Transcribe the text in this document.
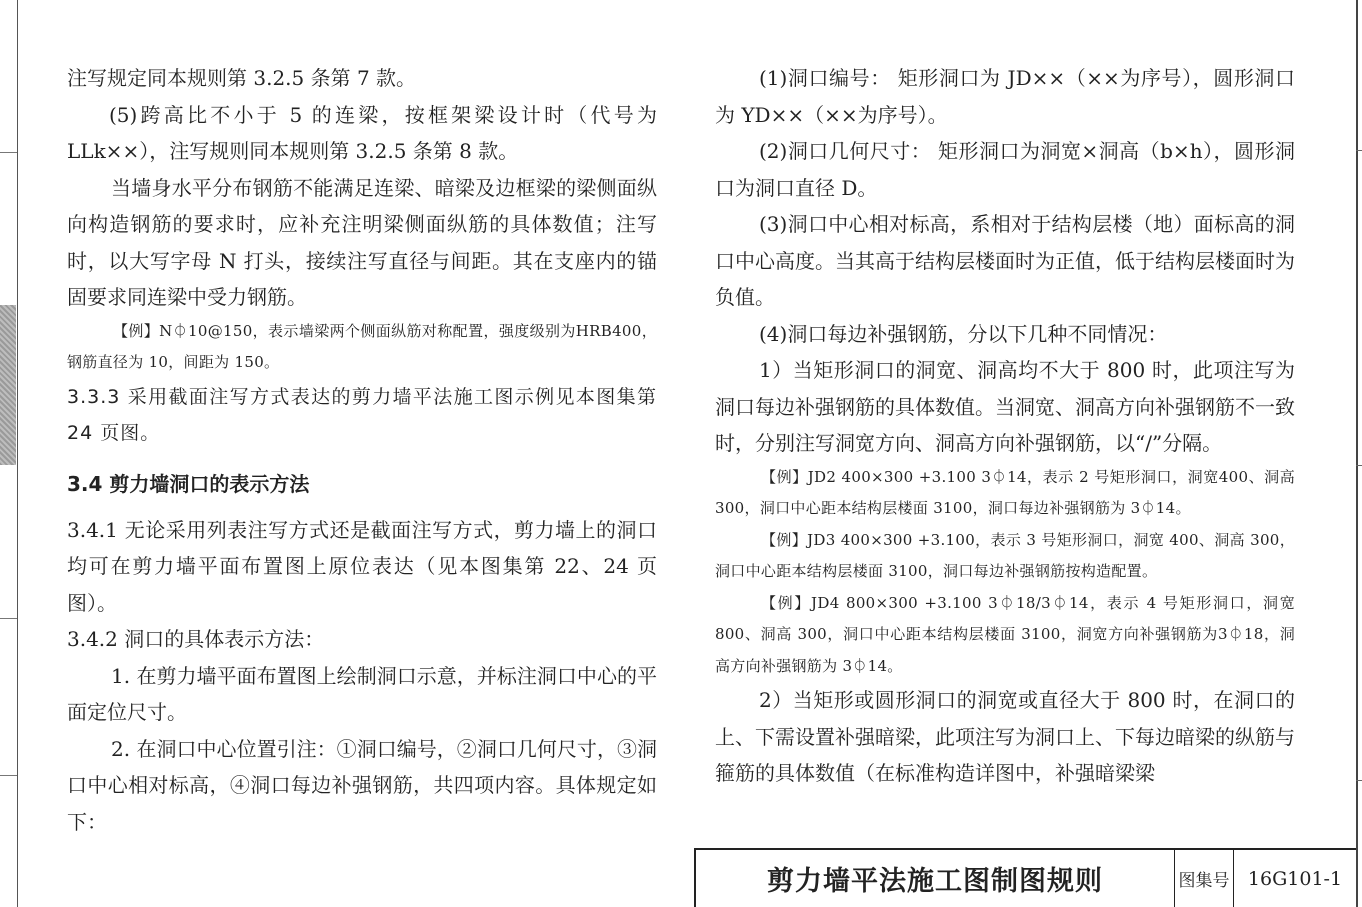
注写规定同本规则第 3.2.5 条第 7 款。

(5)跨高比不小于 5 的连梁，按框架梁设计时（代号为LLk××），注写规则同本规则第 3.2.5 条第 8 款。

当墙身水平分布钢筋不能满足连梁、暗梁及边框梁的梁侧面纵向构造钢筋的要求时，应补充注明梁侧面纵筋的具体数值；注写时，以大写字母 N 打头，接续注写直径与间距。其在支座内的锚固要求同连梁中受力钢筋。

【例】N⏀10@150，表示墙梁两个侧面纵筋对称配置，强度级别为HRB400，钢筋直径为 10，间距为 150。

3.3.3 采用截面注写方式表达的剪力墙平法施工图示例见本图集第 24 页图。

3.4 剪力墙洞口的表示方法

3.4.1 无论采用列表注写方式还是截面注写方式，剪力墙上的洞口均可在剪力墙平面布置图上原位表达（见本图集第 22、24 页图）。

3.4.2 洞口的具体表示方法：

1. 在剪力墙平面布置图上绘制洞口示意，并标注洞口中心的平面定位尺寸。

2. 在洞口中心位置引注：①洞口编号，②洞口几何尺寸，③洞口中心相对标高，④洞口每边补强钢筋，共四项内容。具体规定如下：

(1)洞口编号： 矩形洞口为 JD××（××为序号），圆形洞口为 YD××（××为序号）。

(2)洞口几何尺寸： 矩形洞口为洞宽×洞高（b×h），圆形洞口为洞口直径 D。

(3)洞口中心相对标高，系相对于结构层楼（地）面标高的洞口中心高度。当其高于结构层楼面时为正值，低于结构层楼面时为负值。

(4)洞口每边补强钢筋，分以下几种不同情况：

1）当矩形洞口的洞宽、洞高均不大于 800 时，此项注写为洞口每边补强钢筋的具体数值。当洞宽、洞高方向补强钢筋不一致时，分别注写洞宽方向、洞高方向补强钢筋，以“/”分隔。

【例】JD2 400×300 +3.100 3⏀14，表示 2 号矩形洞口，洞宽400、洞高 300，洞口中心距本结构层楼面 3100，洞口每边补强钢筋为 3⏀14。

【例】JD3 400×300 +3.100，表示 3 号矩形洞口，洞宽 400、洞高 300，洞口中心距本结构层楼面 3100，洞口每边补强钢筋按构造配置。

【例】JD4 800×300 +3.100 3⏀18/3⏀14，表示 4 号矩形洞口，洞宽 800、洞高 300，洞口中心距本结构层楼面 3100，洞宽方向补强钢筋为3⏀18，洞高方向补强钢筋为 3⏀14。

2）当矩形或圆形洞口的洞宽或直径大于 800 时，在洞口的上、下需设置补强暗梁，此项注写为洞口上、下每边暗梁的纵筋与箍筋的具体数值（在标准构造详图中，补强暗梁梁

剪力墙平法施工图制图规则	图集号 16G101-1
